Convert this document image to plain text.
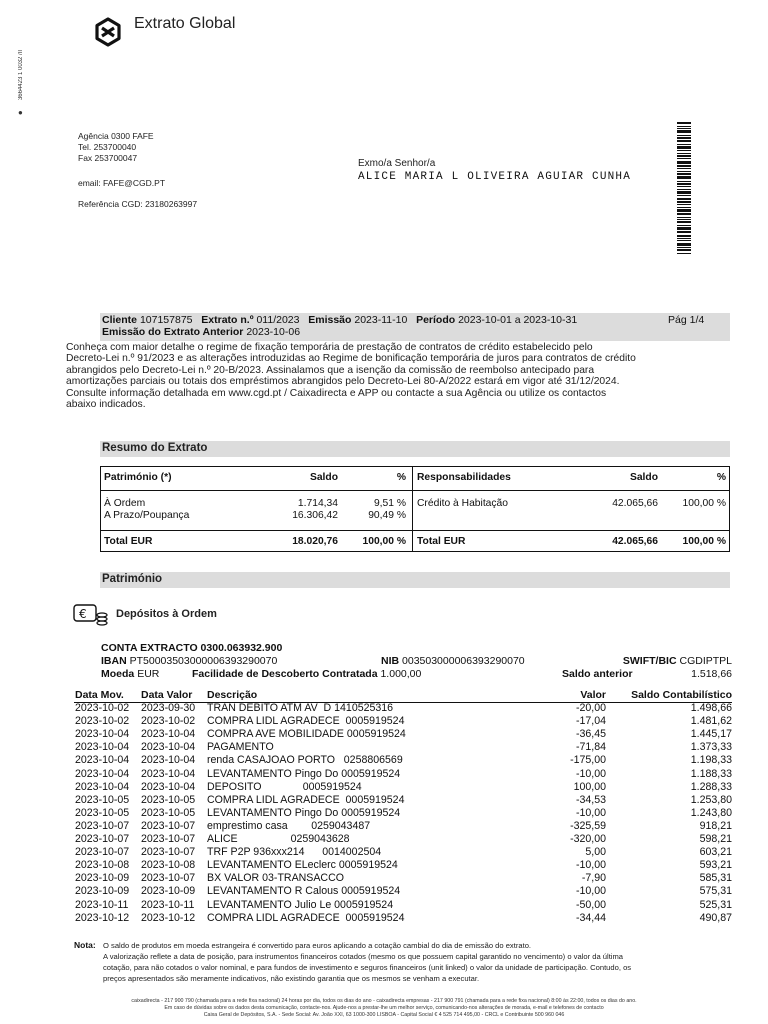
Extrato Global
3664423 1 0032 /II
●
Agência 0300 FAFE
Tel. 253700040
Fax 253700047
email: FAFE@CGD.PT
Referência CGD: 23180263997
Exmo/a Senhor/a
ALICE MARIA L OLIVEIRA AGUIAR CUNHA
Cliente 107157875 Extrato n.º 011/2023 Emissão 2023-11-10 Período 2023-10-01 a 2023-10-31	Pág 1/4
Emissão do Extrato Anterior 2023-10-06
Conheça com maior detalhe o regime de fixação temporária de prestação de contratos de crédito estabelecido pelo
Decreto-Lei n.º 91/2023 e as alterações introduzidas ao Regime de bonificação temporária de juros para contratos de crédito
abrangidos pelo Decreto-Lei n.º 20-B/2023. Assinalamos que a isenção da comissão de reembolso antecipado para
amortizações parciais ou totais dos empréstimos abrangidos pelo Decreto-Lei 80-A/2022 estará em vigor até 31/12/2024.
Consulte informação detalhada em www.cgd.pt / Caixadirecta e APP ou contacte a sua Agência ou utilize os contactos
abaixo indicados.
Resumo do Extrato
Património (*)	Saldo	% Responsabilidades	Saldo	%
À Ordem	1.714,34	9,51 %
A Prazo/Poupança	16.306,42	90,49 %
Crédito à Habitação	42.065,66	100,00 %
Total EUR	18.020,76	100,00 % Total EUR	42.065,66	100,00 %
Património
€	Depósitos à Ordem
CONTA EXTRACTO 0300.063932.900
IBAN PT50003503000006393290070	NIB 003503000006393290070	SWIFT/BIC CGDIPTPL
Moeda EUR	Facilidade de Descoberto Contratada 1.000,00	Saldo anterior	1.518,66
Data Mov. Data Valor Descrição	Valor	Saldo Contabilístico
2023-10-02	2023-09-30	TRAN DEBITO ATM AV  D 1410525316	-20,00	1.498,66
2023-10-02	2023-10-02	COMPRA LIDL AGRADECE  0005919524	-17,04	1.481,62
2023-10-04	2023-10-04	COMPRA AVE MOBILIDADE 0005919524	-36,45	1.445,17
2023-10-04	2023-10-04	PAGAMENTO	-71,84	1.373,33
2023-10-04	2023-10-04	renda CASAJOAO PORTO   0258806569	-175,00	1.198,33
2023-10-04	2023-10-04	LEVANTAMENTO Pingo Do 0005919524	-10,00	1.188,33
2023-10-04	2023-10-04	DEPOSITO              0005919524	100,00	1.288,33
2023-10-05	2023-10-05	COMPRA LIDL AGRADECE  0005919524	-34,53	1.253,80
2023-10-05	2023-10-05	LEVANTAMENTO Pingo Do 0005919524	-10,00	1.243,80
2023-10-07	2023-10-07	emprestimo casa        0259043487	-325,59	918,21
2023-10-07	2023-10-07	ALICE                  0259043628	-320,00	598,21
2023-10-07	2023-10-07	TRF P2P 936xxx214      0014002504	5,00	603,21
2023-10-08	2023-10-08	LEVANTAMENTO ELeclerc 0005919524	-10,00	593,21
2023-10-09	2023-10-07	BX VALOR 03-TRANSACCO	-7,90	585,31
2023-10-09	2023-10-09	LEVANTAMENTO R Calous 0005919524	-10,00	575,31
2023-10-11	2023-10-11	LEVANTAMENTO Julio Le 0005919524	-50,00	525,31
2023-10-12	2023-10-12	COMPRA LIDL AGRADECE  0005919524	-34,44	490,87
Nota: O saldo de produtos em moeda estrangeira é convertido para euros aplicando a cotação cambial do dia de emissão do extrato.
A valorização reflete a data de posição, para instrumentos financeiros cotados (mesmo os que possuem capital garantido no vencimento) o valor da última
cotação, para não cotados o valor nominal, e para fundos de investimento e seguros financeiros (unit linked) o valor da unidade de participação. Contudo, os
preços apresentados são meramente indicativos, não existindo garantia que os mesmos se venham a executar.
caixadirecta - 217 900 790 (chamada para a rede fixa nacional) 24 horas por dia, todos os dias do ano - caixadirecta empresas - 217 900 791 (chamada para a rede fixa nacional) 8:00 às 22:00, todos os dias do ano.
Em caso de dúvidas sobre os dados desta comunicação, contacte-nos. Ajude-nos a prestar-lhe um melhor serviço, comunicando-nos alterações de morada, e-mail e telefones de contacto
Caixa Geral de Depósitos, S.A. - Sede Social: Av. João XXI, 63 1000-300 LISBOA - Capital Social € 4 525 714 495,00 - CRCL e Contribuinte 500 960 046
